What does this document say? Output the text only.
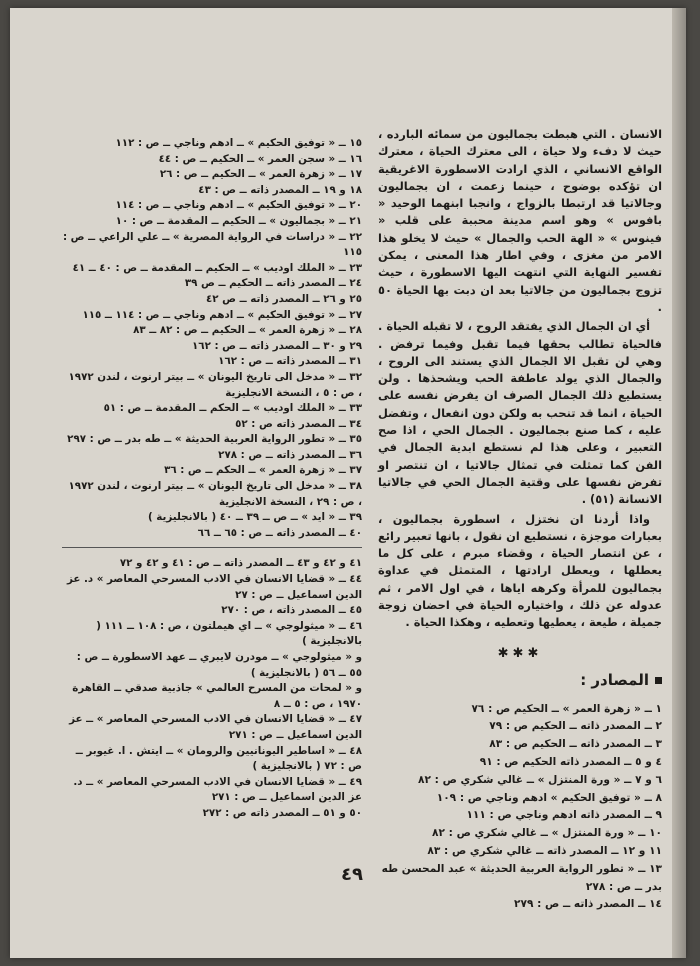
الانسان . التي هبطت بجماليون من سمائه البارده ، حيث لا دفء ولا حياة ، الى معترك الحياة ، معترك الواقع الانساني ، الذي ارادت الاسطورة الاغريقية ان تؤكده بوضوح ، حينما زعمت ، ان بجماليون وجالاتيا قد ارتبطا بالزواج ، وانجبا ابنهما الوحيد « بافوس » وهو اسم مدينة محببة على قلب « فينوس » « الهة الحب والجمال » حيث لا يخلو هذا الامر من مغزى ، وفي اطار هذا المعنى ، يمكن تفسير النهاية التي انتهت اليها الاسطورة ، حيث تزوج بجماليون من جالاتيا بعد ان دبت بها الحياة ٥٠ .

أي ان الجمال الذي يفتقد الروح ، لا تقبله الحياة . فالحياة تطالب بحقها فيما تقبل وفيما ترفض . وهي لن تقبل الا الجمال الذي يستند الى الروح ، والجمال الذي يولد عاطفة الحب ويشحذها . ولن يستطيع ذلك الجمال الصرف ان يفرض نفسه على الحياة ، انما قد تنحب به ولكن دون انفعال ، وتفضل عليه ، كما صنع بجماليون . الجمال الحي ، اذا صح التعبير ، وعلى هذا لم نستطع ابدية الجمال في الفن كما تمثلت في تمثال جالاتيا ، ان تنتصر او تفرض نفسها على وقتية الجمال الحي في جالاتيا الانسانة (٥١) .

واذا أردنا ان نختزل ، اسطورة بجماليون ، بعبارات موجزة ، نستطيع ان نقول ، بانها تعبير رائع ، عن انتصار الحياة ، وقضاء مبرم ، على كل ما يعطلها ، ويعطل ارادتها ، المتمثل في عداوة بجماليون للمرأة وكرهه اياها ، في اول الامر ، ثم عدوله عن ذلك ، واختياره الحياة في احضان زوجة جميلة ، طيعة ، يعطيها وتعطيه ، وهكذا الحياة .

✱✱✱
المصادر :
١ ــ « زهرة العمر » ــ الحكيم ص : ٧٦
٢ ــ المصدر ذاته ــ الحكيم ص : ٧٩
٣ ــ المصدر ذاته ــ الحكيم ص : ٨٣
٤ و ٥ ــ المصدر ذاته الحكيم ص : ٩١
٦ و ٧ ــ « ورة المنتزل » ــ غالي شكري ص : ٨٢
٨ ــ « توفيق الحكيم » ادهم وناجي ص : ١٠٩
٩ ــ المصدر ذاته ادهم وناجي ص : ١١١
١٠ ــ « ورة المنتزل » ــ غالي شكري ص : ٨٢
١١ و ١٢ ــ المصدر ذاته ــ غالي شكري ص : ٨٣
١٣ ــ « تطور الرواية العربية الحديثة » عبد المحسن طه بدر ــ ص : ٢٧٨
١٤ ــ المصدر ذاته ــ ص : ٢٧٩
١٥ ــ « توفيق الحكيم » ــ ادهم وناجي ــ ص : ١١٢
١٦ ــ « سجن العمر » ــ الحكيم ــ ص : ٤٤
١٧ ــ « زهرة العمر » ــ الحكيم ــ ص : ٢٦
١٨ و ١٩ ــ المصدر ذاته ــ ص : ٤٣
٢٠ ــ « توفيق الحكيم » ــ ادهم وناجي ــ ص : ١١٤
٢١ ــ « بجماليون » ــ الحكيم ــ المقدمة ــ ص : ١٠
٢٢ ــ « دراسات في الرواية المصرية » ــ علي الراعي ــ ص : ١١٥
٢٣ ــ « الملك اوديب » ــ الحكيم ــ المقدمة ــ ص : ٤٠ ــ ٤١
٢٤ ــ المصدر ذاته ــ الحكيم ــ ص ٣٩
٢٥ و ٢٦ ــ المصدر ذاته ــ ص ٤٢
٢٧ ــ « توفيق الحكيم » ــ ادهم وناجي ــ ص : ١١٤ ــ ١١٥
٢٨ ــ « زهرة العمر » ــ الحكيم ــ ص : ٨٢ ــ ٨٣
٢٩ و ٣٠ ــ المصدر ذاته ــ ص : ١٦٢
٣١ ــ المصدر ذاته ــ ص : ١٦٢
٣٢ ــ « مدخل الى تاريخ اليونان » ــ بيتر ارنوت ، لندن ١٩٧٢ ، ص : ٥ ، النسخة الانجليزية
٣٣ ــ « الملك اوديب » ــ الحكم ــ المقدمة ــ ص : ٥١
٣٤ ــ المصدر ذاته ص : ٥٢
٣٥ ــ « تطور الرواية العربية الحديثة » ــ طه بدر ــ ص : ٢٩٧
٣٦ ــ المصدر ذاته ــ ص : ٢٧٨
٣٧ ــ « زهرة العمر » ــ الحكم ــ ص : ٣٦
٣٨ ــ « مدخل الى تاريخ اليونان » ــ بيتر ارنوت ، لندن ١٩٧٢ ، ص : ٢٩ ، النسخة الانجليزية
٣٩ ــ « ايد » ــ ص ــ ٣٩ ــ ٤٠ ( بالانجليزية )
٤٠ ــ المصدر ذاته ــ ص : ٦٥ ــ ٦٦
٤١ و ٤٢ و ٤٣ ــ المصدر ذاته ــ ص : ٤١ و ٤٢ و ٧٢
٤٤ ــ « قضايا الانسان في الادب المسرحي المعاصر » د. عز الدين اسماعيل ــ ص : ٢٧
٤٥ ــ المصدر ذاته ، ص : ٢٧٠
٤٦ ــ « ميثولوجي » ــ اي هيملتون ، ص : ١٠٨ ــ ١١١ ( بالانجليزية )
و « ميثولوجي » ــ مودرن لايبري ــ عهد الاسطورة ــ ص : ٥٥ ــ ٥٦ ( بالانجليزية )
و « لمحات من المسرح العالمي » جاذبية صدقي ــ القاهرة ١٩٧٠ ، ص : ٥ ــ ٨
٤٧ ــ « قضايا الانسان في الادب المسرحي المعاصر » ــ عز الدين اسماعيل ــ ص : ٢٧١
٤٨ ــ « اساطير اليونانيين والرومان » ــ ايتش . ا. غيوبر ــ ص : ٧٢ ( بالانجليزية )
٤٩ ــ « قضايا الانسان في الادب المسرحي المعاصر » ــ د. عز الدين اسماعيل ــ ص : ٢٧١
٥٠ و ٥١ ــ المصدر ذاته ص : ٢٧٢
٤٩
